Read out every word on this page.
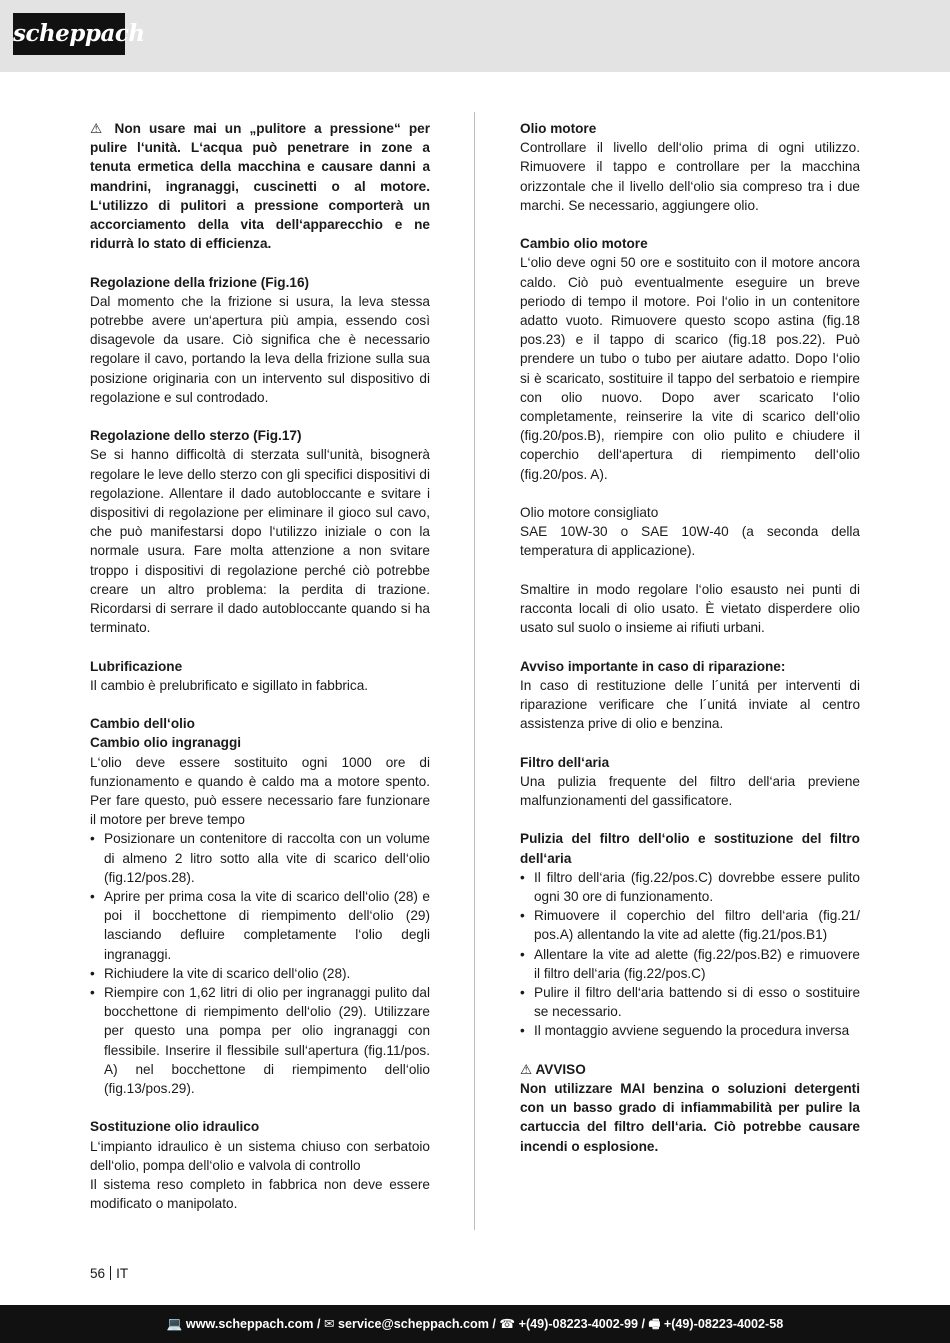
scheppach

⚠ Non usare mai un „pulitore a pressione“ per pulire l‘unità. L‘acqua può penetrare in zone a tenuta ermetica della macchina e causare danni a mandrini, ingranaggi, cuscinetti o al motore. L‘utilizzo di pulitori a pressione comporterà un accorciamento della vita dell‘apparecchio e ne ridurrà lo stato di efficienza.

Regolazione della frizione (Fig.16)

Dal momento che la frizione si usura, la leva stessa potrebbe avere un‘apertura più ampia, essendo così disagevole da usare. Ciò significa che è necessario regolare il cavo, portando la leva della frizione sulla sua posizione originaria con un intervento sul dispositivo di regolazione e sul controdado.

Regolazione dello sterzo (Fig.17)

Se si hanno difficoltà di sterzata sull‘unità, bisognerà regolare le leve dello sterzo con gli specifici dispositivi di regolazione. Allentare il dado autobloccante e svitare i dispositivi di regolazione per eliminare il gioco sul cavo, che può manifestarsi dopo l‘utilizzo iniziale o con la normale usura. Fare molta attenzione a non svitare troppo i dispositivi di regolazione perché ciò potrebbe creare un altro problema: la perdita di trazione. Ricordarsi di serrare il dado autobloccante quando si ha terminato.

Lubrificazione

Il cambio è prelubrificato e sigillato in fabbrica.

Cambio dell‘olio

Cambio olio ingranaggi

L‘olio deve essere sostituito ogni 1000 ore di funzionamento e quando è caldo ma a motore spento. Per fare questo, può essere necessario fare funzionare il motore per breve tempo

• Posizionare un contenitore di raccolta con un volume di almeno 2 litro sotto alla vite di scarico dell‘olio (fig.12/pos.28).
• Aprire per prima cosa la vite di scarico dell‘olio (28) e poi il bocchettone di riempimento dell‘olio (29) lasciando defluire completamente l‘olio degli ingranaggi.
• Richiudere la vite di scarico dell‘olio (28).
• Riempire con 1,62 litri di olio per ingranaggi pulito dal bocchettone di riempimento dell‘olio (29). Utilizzare per questo una pompa per olio ingranaggi con flessibile. Inserire il flessibile sull‘apertura (fig.11/pos. A) nel bocchettone di riempimento dell‘olio (fig.13/pos.29).

Sostituzione olio idraulico

L‘impianto idraulico è un sistema chiuso con serbatoio dell‘olio, pompa dell‘olio e valvola di controllo

Il sistema reso completo in fabbrica non deve essere modificato o manipolato.

Olio motore

Controllare il livello dell‘olio prima di ogni utilizzo. Rimuovere il tappo e controllare per la macchina orizzontale che il livello dell‘olio sia compreso tra i due marchi. Se necessario, aggiungere olio.

Cambio olio motore

L‘olio deve ogni 50 ore e sostituito con il motore ancora caldo. Ciò può eventualmente eseguire un breve periodo di tempo il motore. Poi l‘olio in un contenitore adatto vuoto. Rimuovere questo scopo astina (fig.18 pos.23) e il tappo di scarico (fig.18 pos.22). Può prendere un tubo o tubo per aiutare adatto. Dopo l‘olio si è scaricato, sostituire il tappo del serbatoio e riempire con olio nuovo. Dopo aver scaricato l‘olio completamente, reinserire la vite di scarico dell‘olio (fig.20/pos.B), riempire con olio pulito e chiudere il coperchio dell‘apertura di riempimento dell‘olio (fig.20/pos. A).

Olio motore consigliato

SAE 10W-30 o SAE 10W-40 (a seconda della temperatura di applicazione).

Smaltire in modo regolare l‘olio esausto nei punti di racconta locali di olio usato. È vietato disperdere olio usato sul suolo o insieme ai rifiuti urbani.

Avviso importante in caso di riparazione:

In caso di restituzione delle l´unitá per interventi di riparazione verificare che l´unitá inviate al centro assistenza prive di olio e benzina.

Filtro dell‘aria

Una pulizia frequente del filtro dell‘aria previene malfunzionamenti del gassificatore.

Pulizia del filtro dell‘olio e sostituzione del filtro dell‘aria

• Il filtro dell‘aria (fig.22/pos.C) dovrebbe essere pulito ogni 30 ore di funzionamento.
• Rimuovere il coperchio del filtro dell‘aria (fig.21/ pos.A) allentando la vite ad alette (fig.21/pos.B1)
• Allentare la vite ad alette (fig.22/pos.B2) e rimuovere il filtro dell‘aria (fig.22/pos.C)
• Pulire il filtro dell‘aria battendo si di esso o sostituire se necessario.
• Il montaggio avviene seguendo la procedura inversa

⚠ AVVISO

Non utilizzare MAI benzina o soluzioni detergenti con un basso grado di infiammabilità per pulire la cartuccia del filtro dell‘aria. Ciò potrebbe causare incendi o esplosione.

56 IT
💻 www.scheppach.com / ✉ service@scheppach.com / ☎ +(49)-08223-4002-99 / 🖷 +(49)-08223-4002-58
